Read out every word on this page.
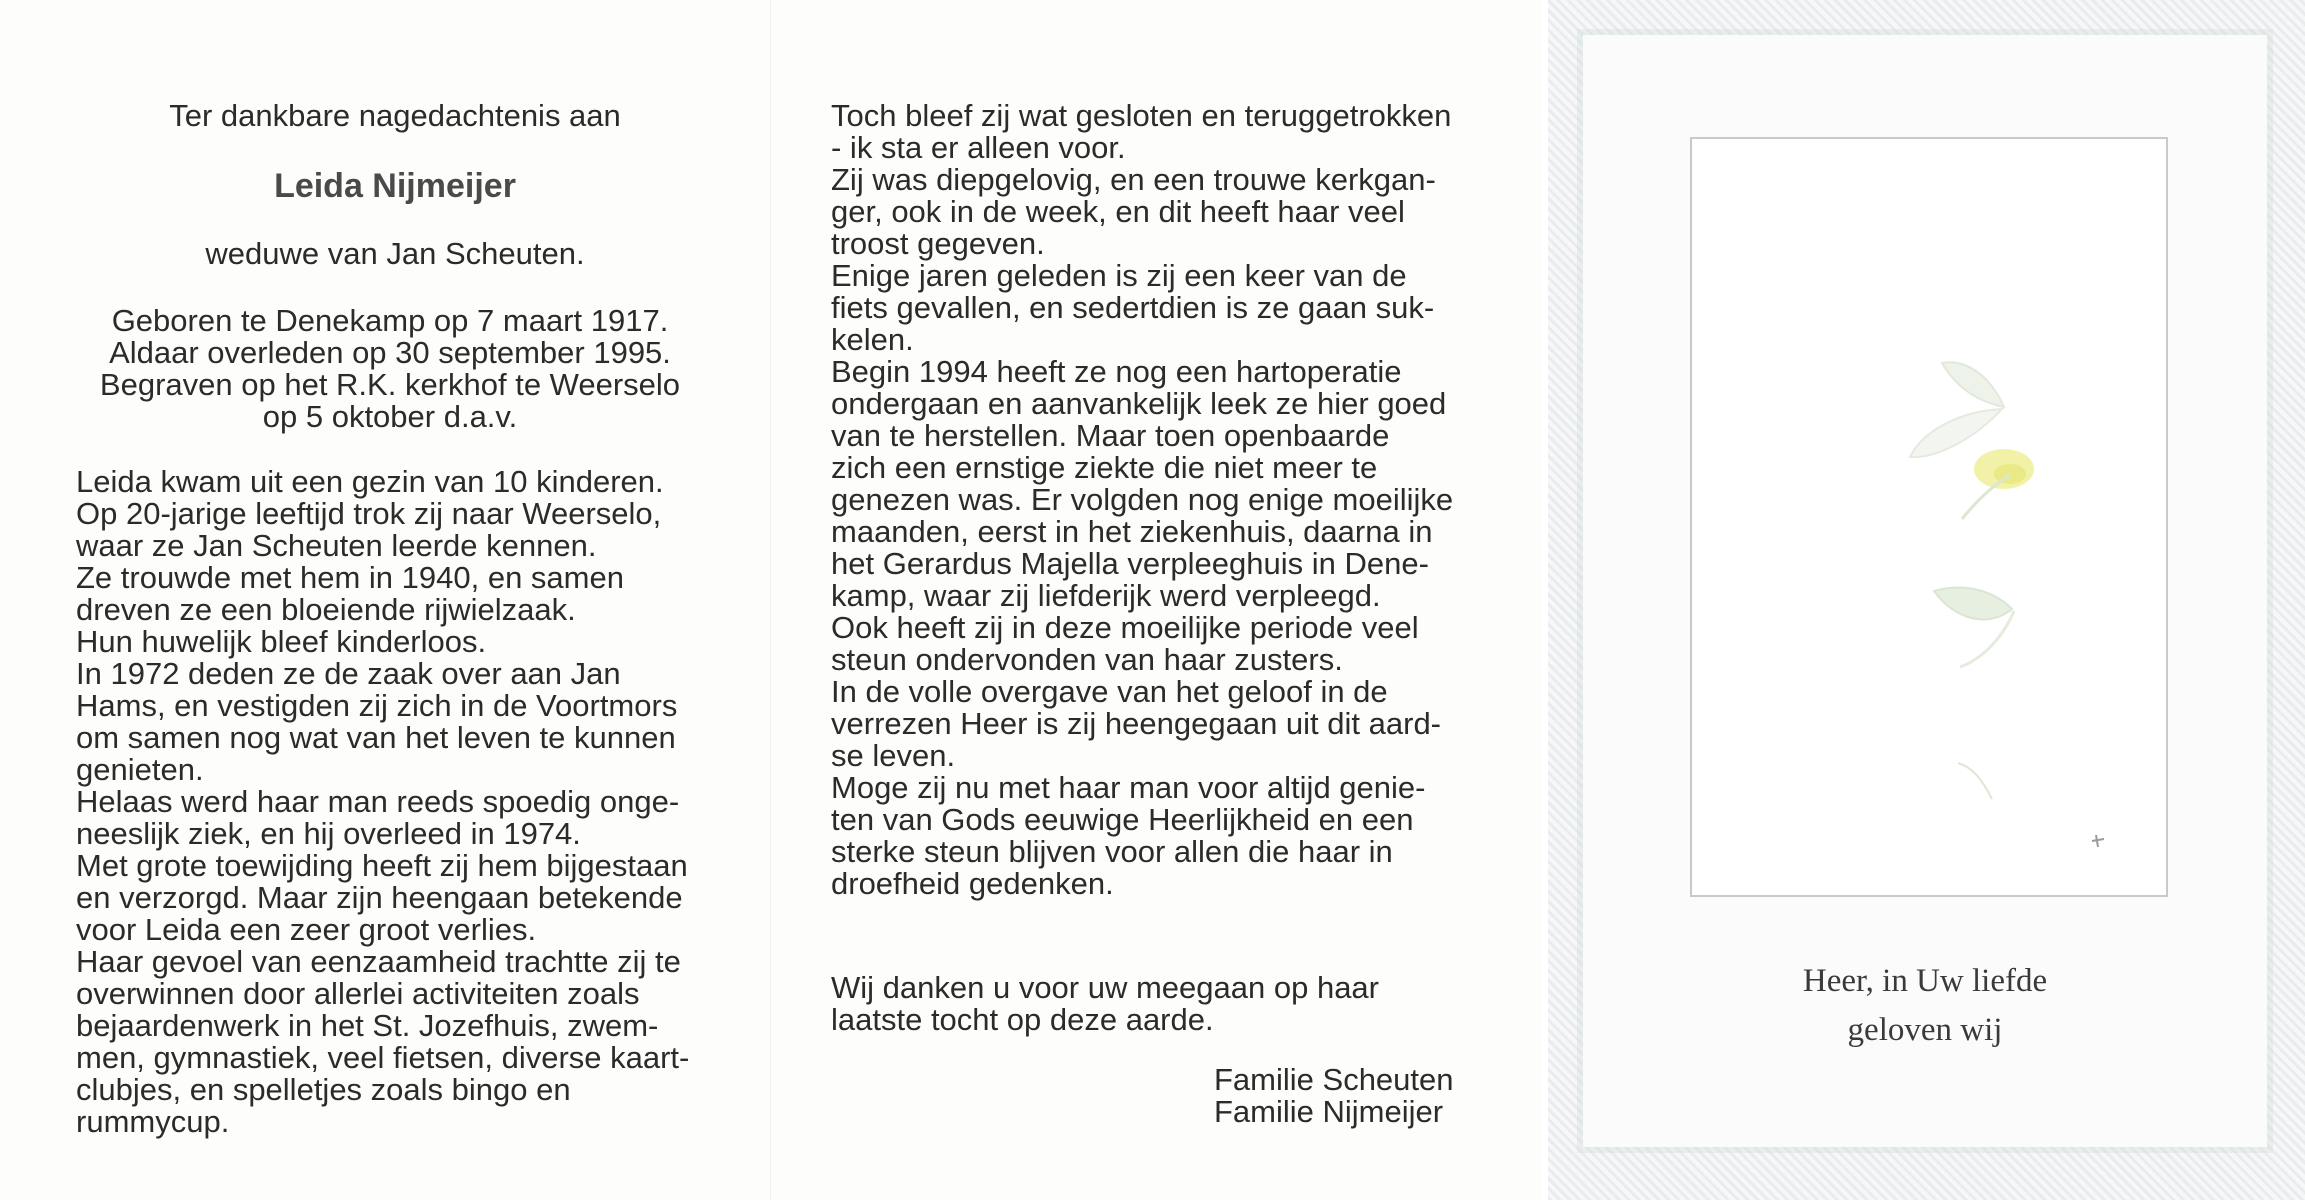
Ter dankbare nagedachtenis aan
Leida Nijmeijer
weduwe van Jan Scheuten.
Geboren te Denekamp op 7 maart 1917.
Aldaar overleden op 30 september 1995.
Begraven op het R.K. kerkhof te Weerselo
op 5 oktober d.a.v.
Leida kwam uit een gezin van 10 kinderen.
Op 20-jarige leeftijd trok zij naar Weerselo,
waar ze Jan Scheuten leerde kennen.
Ze trouwde met hem in 1940, en samen
dreven ze een bloeiende rijwielzaak.
Hun huwelijk bleef kinderloos.
In 1972 deden ze de zaak over aan Jan
Hams, en vestigden zij zich in de Voortmors
om samen nog wat van het leven te kunnen
genieten.
Helaas werd haar man reeds spoedig onge-
neeslijk ziek, en hij overleed in 1974.
Met grote toewijding heeft zij hem bijgestaan
en verzorgd. Maar zijn heengaan betekende
voor Leida een zeer groot verlies.
Haar gevoel van eenzaamheid trachtte zij te
overwinnen door allerlei activiteiten zoals
bejaardenwerk in het St. Jozefhuis, zwem-
men, gymnastiek, veel fietsen, diverse kaart-
clubjes, en spelletjes zoals bingo en
rummycup.
Toch bleef zij wat gesloten en teruggetrokken
- ik sta er alleen voor.
Zij was diepgelovig, en een trouwe kerkgan-
ger, ook in de week, en dit heeft haar veel
troost gegeven.
Enige jaren geleden is zij een keer van de
fiets gevallen, en sedertdien is ze gaan suk-
kelen.
Begin 1994 heeft ze nog een hartoperatie
ondergaan en aanvankelijk leek ze hier goed
van te herstellen. Maar toen openbaarde
zich een ernstige ziekte die niet meer te
genezen was. Er volgden nog enige moeilijke
maanden, eerst in het ziekenhuis, daarna in
het Gerardus Majella verpleeghuis in Dene-
kamp, waar zij liefderijk werd verpleegd.
Ook heeft zij in deze moeilijke periode veel
steun ondervonden van haar zusters.
In de volle overgave van het geloof in de
verrezen Heer is zij heengegaan uit dit aard-
se leven.
Moge zij nu met haar man voor altijd genie-
ten van Gods eeuwige Heerlijkheid en een
sterke steun blijven voor allen die haar in
droefheid gedenken.
Wij danken u voor uw meegaan op haar
laatste tocht op deze aarde.
Familie Scheuten
Familie Nijmeijer
Heer, in Uw liefde
geloven wij
